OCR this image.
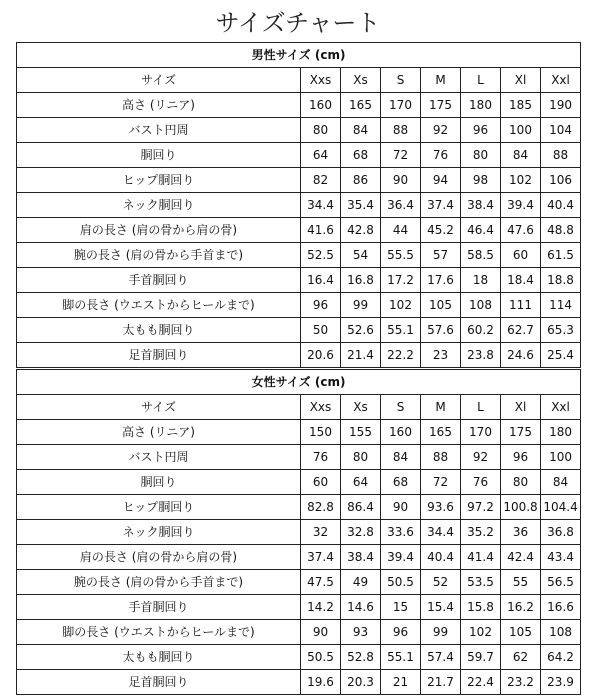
サイズチャート
男性サイズ (cm)							
サイズ	Xxs	Xs	S	M	L	Xl	Xxl
高さ (リニア)	160	165	170	175	180	185	190
バスト円周	80	84	88	92	96	100	104
胴回り	64	68	72	76	80	84	88
ヒップ胴回り	82	86	90	94	98	102	106
ネック胴回り	34.4	35.4	36.4	37.4	38.4	39.4	40.4
肩の長さ (肩の骨から肩の骨)	41.6	42.8	44	45.2	46.4	47.6	48.8
腕の長さ (肩の骨から手首まで)	52.5	54	55.5	57	58.5	60	61.5
手首胴回り	16.4	16.8	17.2	17.6	18	18.4	18.8
脚の長さ (ウエストからヒールまで)	96	99	102	105	108	111	114
太もも胴回り	50	52.6	55.1	57.6	60.2	62.7	65.3
足首胴回り	20.6	21.4	22.2	23	23.8	24.6	25.4
女性サイズ (cm)							
サイズ	Xxs	Xs	S	M	L	Xl	Xxl
高さ (リニア)	150	155	160	165	170	175	180
バスト円周	76	80	84	88	92	96	100
胴回り	60	64	68	72	76	80	84
ヒップ胴回り	82.8	86.4	90	93.6	97.2	100.8	104.4
ネック胴回り	32	32.8	33.6	34.4	35.2	36	36.8
肩の長さ (肩の骨から肩の骨)	37.4	38.4	39.4	40.4	41.4	42.4	43.4
腕の長さ (肩の骨から手首まで)	47.5	49	50.5	52	53.5	55	56.5
手首胴回り	14.2	14.6	15	15.4	15.8	16.2	16.6
脚の長さ (ウエストからヒールまで)	90	93	96	99	102	105	108
太もも胴回り	50.5	52.8	55.1	57.4	59.7	62	64.2
足首胴回り	19.6	20.3	21	21.7	22.4	23.2	23.9
